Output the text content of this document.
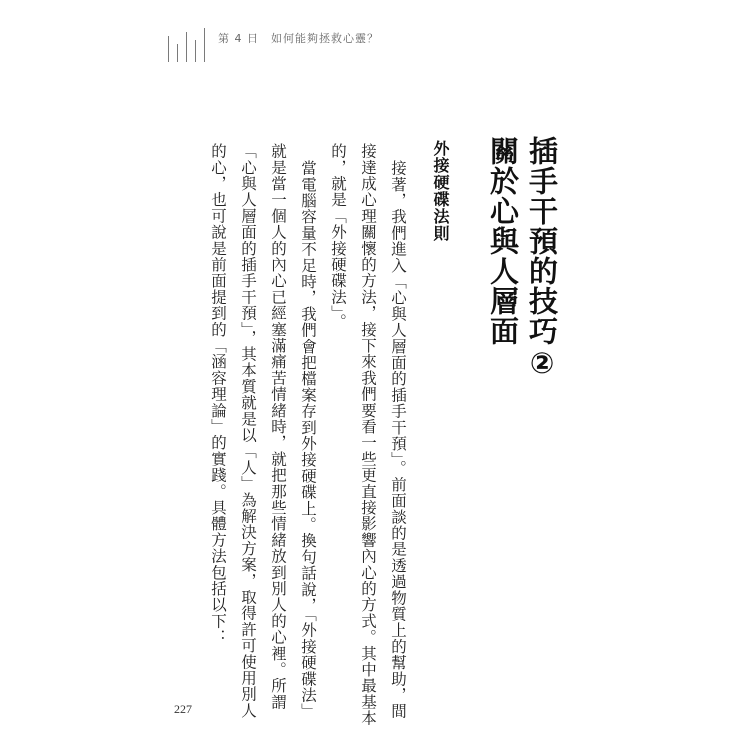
第 4 日　如何能夠拯救心靈？
插手干預的技巧②
關於心與人層面
外接硬碟法則
接著，我們進入「心與人層面的插手干預」。前面談的是透過物質上的幫助，間
接達成心理關懷的方法，接下來我們要看一些更直接影響內心的方式。其中最基本
的，就是「外接硬碟法」。
當電腦容量不足時，我們會把檔案存到外接硬碟上。換句話說，「外接硬碟法」
就是當一個人的內心已經塞滿痛苦情緒時，就把那些情緒放到別人的心裡。所謂
「心與人層面的插手干預」，其本質就是以「人」為解決方案，取得許可使用別人
的心，也可說是前面提到的「涵容理論」的實踐。具體方法包括以下：
227
